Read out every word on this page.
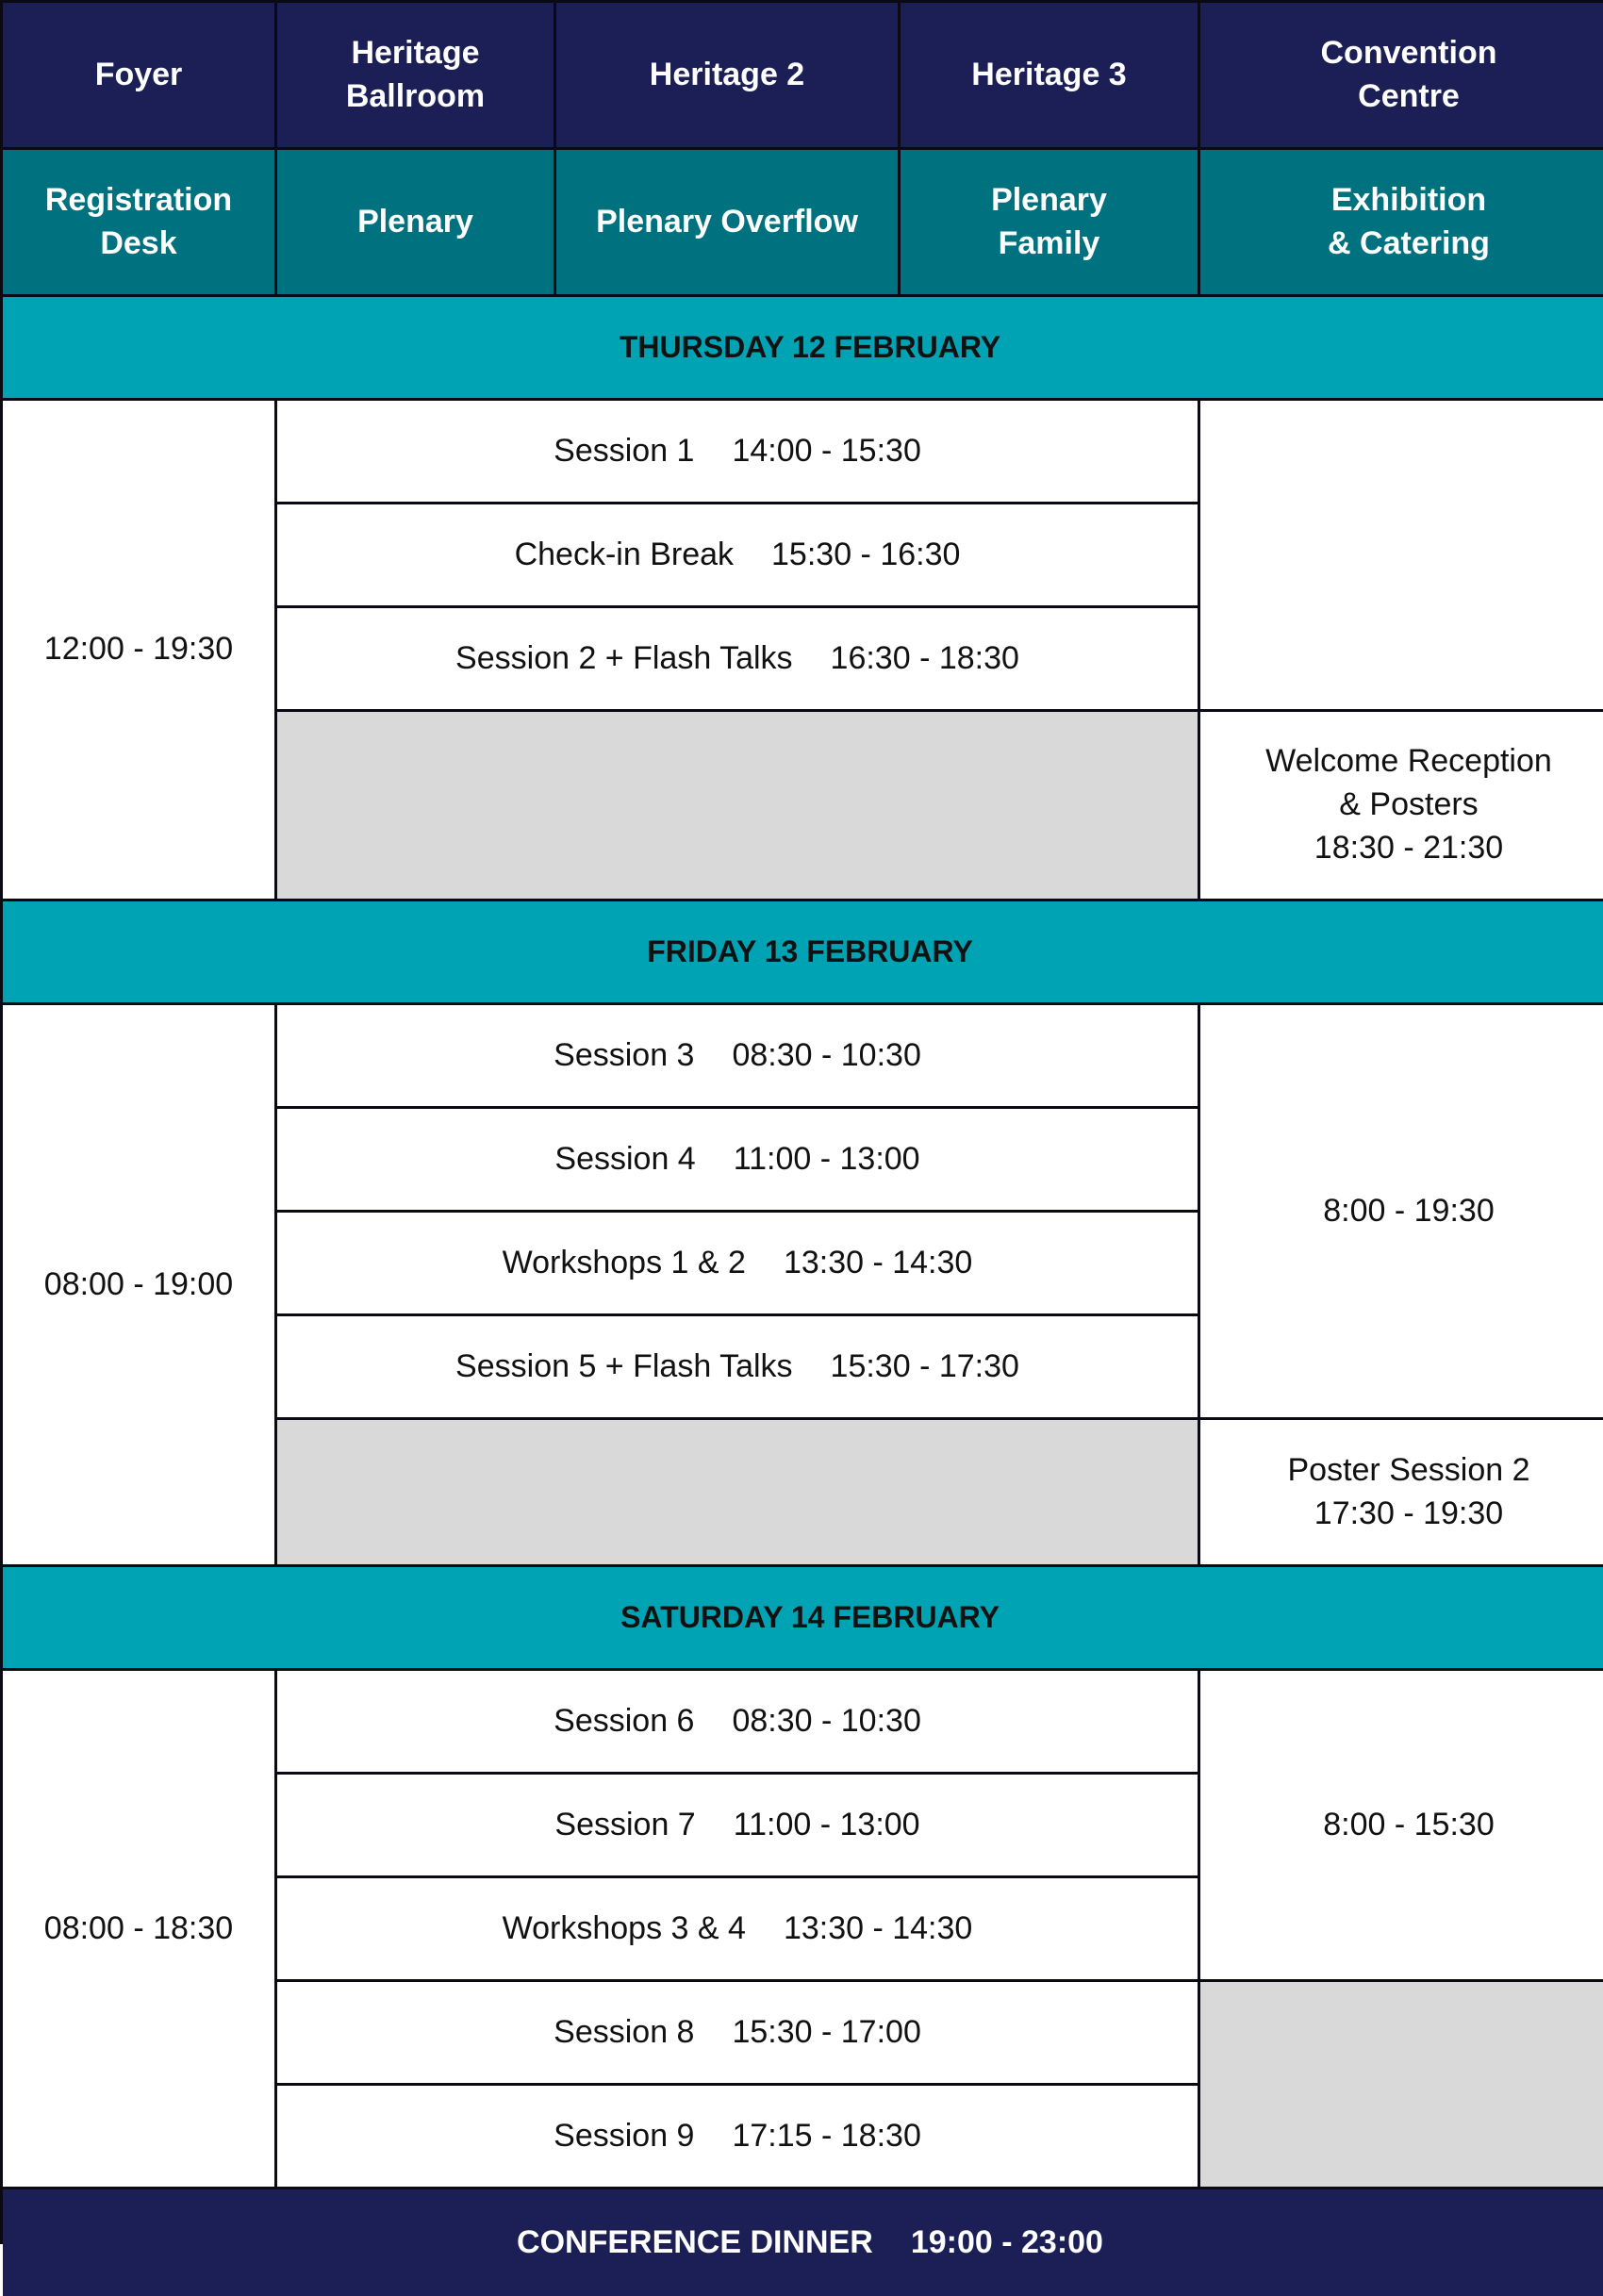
Foyer
Heritage
Ballroom
Heritage 2	Heritage 3
Convention
Centre
Registration
Desk
Plenary	Plenary Overflow
Plenary
Family
Exhibition
& Catering
THURSDAY 12 FEBRUARY
12:00 - 19:30
Session 1 14:00 - 15:30
Check-in Break 15:30 - 16:30
Session 2 + Flash Talks 16:30 - 18:30
Welcome Reception
& Posters
18:30 - 21:30
FRIDAY 13 FEBRUARY
08:00 - 19:00
Session 3 08:30 - 10:30
Session 4 11:00 - 13:00
Workshops 1 & 2 13:30 - 14:30
Session 5 + Flash Talks 15:30 - 17:30
8:00 - 19:30
Poster Session 2
17:30 - 19:30
SATURDAY 14 FEBRUARY
08:00 - 18:30
Session 6 08:30 - 10:30
Session 7 11:00 - 13:00
Workshops 3 & 4 13:30 - 14:30
Session 8 15:30 - 17:00
Session 9 17:15 - 18:30
8:00 - 15:30
CONFERENCE DINNER 19:00 - 23:00
